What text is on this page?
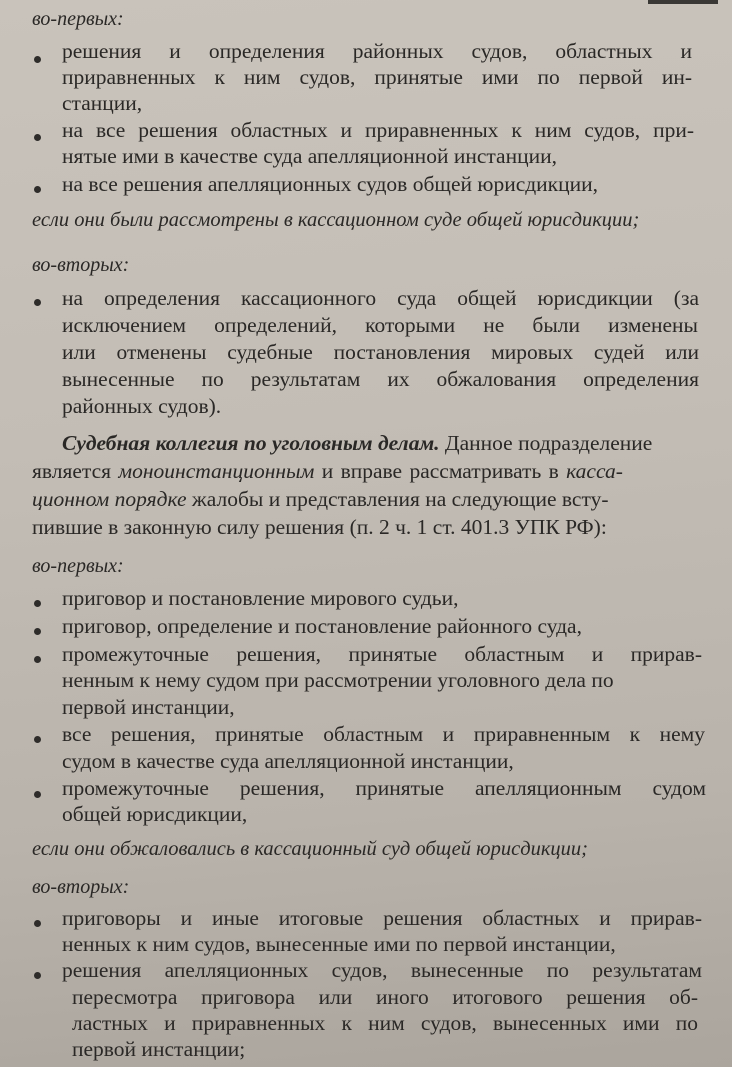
во-первых:
решения и определения районных судов, областных и
приравненных к ним судов, принятые ими по первой ин-
станции,
на все решения областных и приравненных к ним судов, при-
нятые ими в качестве суда апелляционной инстанции,
на все решения апелляционных судов общей юрисдикции,
если они были рассмотрены в кассационном суде общей юрисдикции;
во-вторых:
на определения кассационного суда общей юрисдикции (за
исключением определений, которыми не были изменены
или отменены судебные постановления мировых судей или
вынесенные по результатам их обжалования определения
районных судов).
Судебная коллегия по уголовным делам. Данное подразделение
является моноинстанционным и вправе рассматривать в касса-
ционном порядке жалобы и представления на следующие всту-
пившие в законную силу решения (п. 2 ч. 1 ст. 401.3 УПК РФ):
во-первых:
приговор и постановление мирового судьи,
приговор, определение и постановление районного суда,
промежуточные решения, принятые областным и прирав-
ненным к нему судом при рассмотрении уголовного дела по
первой инстанции,
все решения, принятые областным и приравненным к нему
судом в качестве суда апелляционной инстанции,
промежуточные решения, принятые апелляционным судом
общей юрисдикции,
если они обжаловались в кассационный суд общей юрисдикции;
во-вторых:
приговоры и иные итоговые решения областных и прирав-
ненных к ним судов, вынесенные ими по первой инстанции,
решения апелляционных судов, вынесенные по результатам
пересмотра приговора или иного итогового решения об-
ластных и приравненных к ним судов, вынесенных ими по
первой инстанции;
